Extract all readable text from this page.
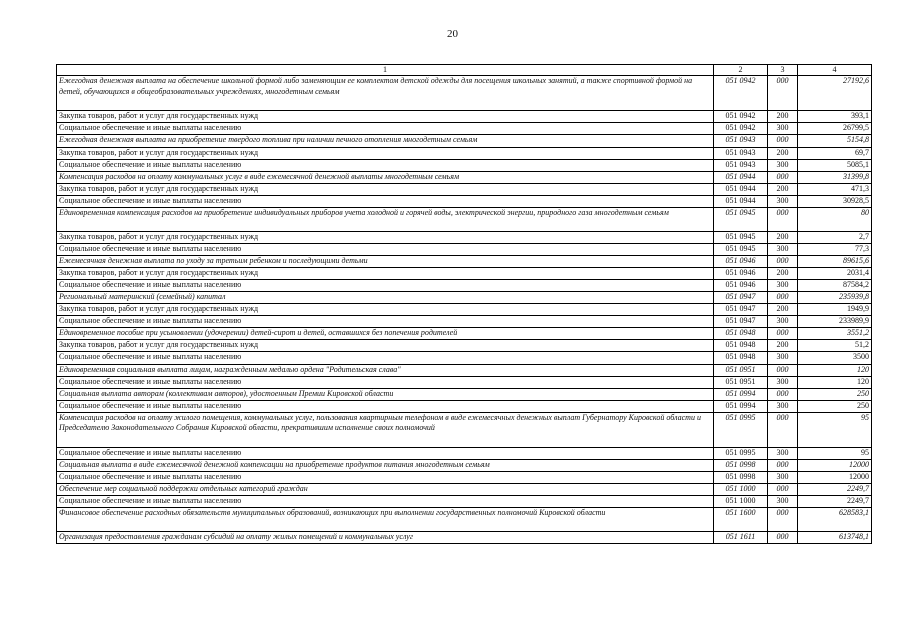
20
1	2	3	4
Ежегодная денежная выплата на обеспечение школьной формой либо заменяющим ее комплектом детской одежды для посещения школьных занятий, а также спортивной формой на детей, обучающихся в общеобразовательных учреждениях, многодетным семьям	051 0942	000	27192,6
Закупка товаров, работ и услуг для государственных нужд	051 0942	200	393,1
Социальное обеспечение и иные выплаты населению	051 0942	300	26799,5
Ежегодная денежная выплата на приобретение твердого топлива при наличии печного отопления многодетным семьям	051 0943	000	5154,8
Закупка товаров, работ и услуг для государственных нужд	051 0943	200	69,7
Социальное обеспечение и иные выплаты населению	051 0943	300	5085,1
Компенсация расходов на оплату коммунальных услуг в виде ежемесячной денежной выплаты многодетным семьям	051 0944	000	31399,8
Закупка товаров, работ и услуг для государственных нужд	051 0944	200	471,3
Социальное обеспечение и иные выплаты населению	051 0944	300	30928,5
Единовременная компенсация расходов на приобретение индивидуальных приборов учета холодной и горячей воды, электрической энергии, природного газа многодетным семьям	051 0945	000	80
Закупка товаров, работ и услуг для государственных нужд	051 0945	200	2,7
Социальное обеспечение и иные выплаты населению	051 0945	300	77,3
Ежемесячная денежная выплата по уходу за третьим ребенком и последующими детьми	051 0946	000	89615,6
Закупка товаров, работ и услуг для государственных нужд	051 0946	200	2031,4
Социальное обеспечение и иные выплаты населению	051 0946	300	87584,2
Региональный материнский (семейный) капитал	051 0947	000	235939,8
Закупка товаров, работ и услуг для государственных нужд	051 0947	200	1949,9
Социальное обеспечение и иные выплаты населению	051 0947	300	233989,9
Единовременное пособие при усыновлении (удочерении) детей-сирот и детей, оставшихся без попечения родителей	051 0948	000	3551,2
Закупка товаров, работ и услуг для государственных нужд	051 0948	200	51,2
Социальное обеспечение и иные выплаты населению	051 0948	300	3500
Единовременная социальная выплата лицам, награжденным медалью ордена "Родительская слава"	051 0951	000	120
Социальное обеспечение и иные выплаты населению	051 0951	300	120
Социальная выплата авторам (коллективам авторов), удостоенным Премии Кировской области	051 0994	000	250
Социальное обеспечение и иные выплаты населению	051 0994	300	250
Компенсация расходов на оплату жилого помещения, коммунальных услуг, пользования квартирным телефоном в виде ежемесячных денежных выплат Губернатору Кировской области и Председателю Законодательного Собрания Кировской области, прекратившим исполнение своих полномочий	051 0995	000	95
Социальное обеспечение и иные выплаты населению	051 0995	300	95
Социальная выплата в виде ежемесячной денежной компенсации на приобретение продуктов питания многодетным семьям	051 0998	000	12000
Социальное обеспечение и иные выплаты населению	051 0998	300	12000
Обеспечение мер социальной поддержки отдельных категорий граждан	051 1000	000	2249,7
Социальное обеспечение и иные выплаты населению	051 1000	300	2249,7
Финансовое обеспечение расходных обязательств муниципальных образований, возникающих при выполнении государственных полномочий Кировской области	051 1600	000	628583,1
Организация предоставления гражданам субсидий на оплату жилых помещений и коммунальных услуг	051 1611	000	613748,1
